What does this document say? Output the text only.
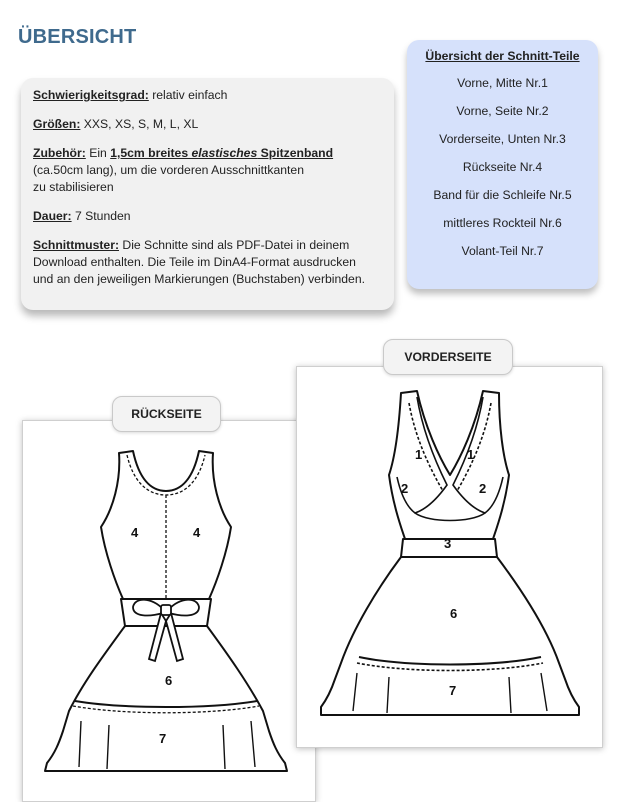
ÜBERSICHT

Schwierigkeitsgrad: relativ einfach

Größen: XXS, XS, S, M, L, XL

Zubehör: Ein 1,5cm breites elastisches Spitzenband
(ca.50cm lang), um die vorderen Ausschnittkanten
zu stabilisieren

Dauer: 7 Stunden

Schnittmuster: Die Schnitte sind als PDF-Datei in deinem
Download enthalten. Die Teile im DinA4-Format ausdrucken
und an den jeweiligen Markierungen (Buchstaben) verbinden.

Übersicht der Schnitt-Teile
Vorne, Mitte Nr.1
Vorne, Seite Nr.2
Vorderseite, Unten Nr.3
Rückseite Nr.4
Band für die Schleife Nr.5
mittleres Rockteil Nr.6
Volant-Teil Nr.7
4	4
6
7
RÜCKSEITE
1	1
2	2
3
6
7
VORDERSEITE
